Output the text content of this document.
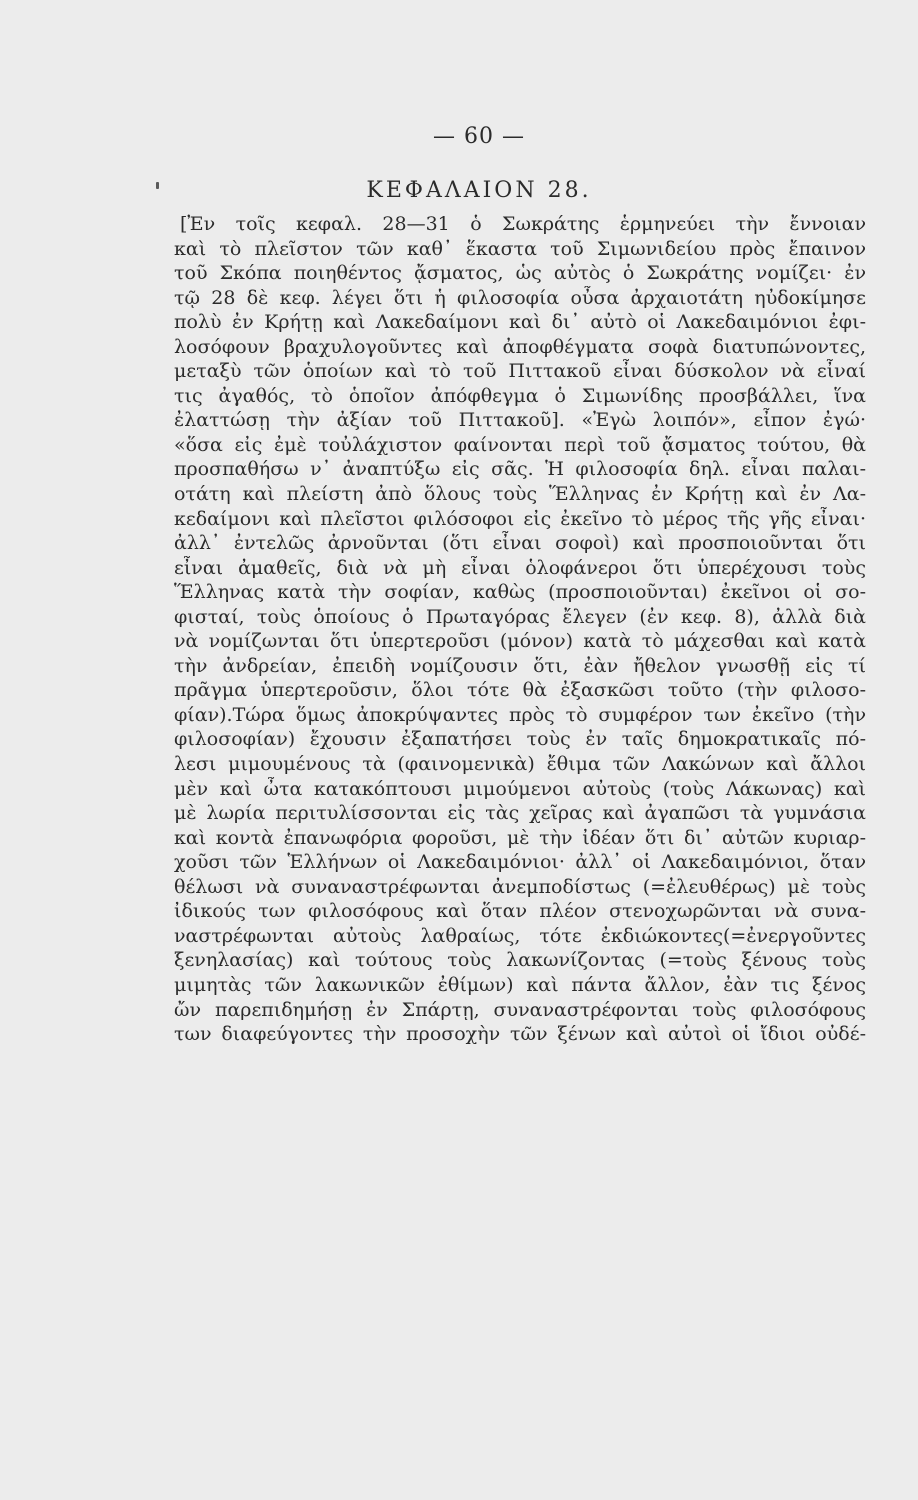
— 60 —
ΚΕΦΑΛΑΙΟΝ 28.
[Ἐν τοῖς κεφαλ. 28—31 ὁ Σωκράτης ἑρμηνεύει τὴν ἔννοιαν
καὶ τὸ πλεῖστον τῶν καθ᾽ ἕκαστα τοῦ Σιμωνιδείου πρὸς ἔπαινον
τοῦ Σκόπα ποιηθέντος ᾄσματος, ὡς αὐτὸς ὁ Σωκράτης νομίζει· ἐν
τῷ 28 δὲ κεφ. λέγει ὅτι ἡ φιλοσοφία οὖσα ἀρχαιοτάτη ηὐδοκίμησε
πολὺ ἐν Κρήτῃ καὶ Λακεδαίμονι καὶ δι᾽ αὐτὸ οἱ Λακεδαιμόνιοι ἐφι-
λοσόφουν βραχυλογοῦντες καὶ ἀποφθέγματα σοφὰ διατυπώνοντες,
μεταξὺ τῶν ὁποίων καὶ τὸ τοῦ Πιττακοῦ εἶναι δύσκολον νὰ εἶναί
τις ἀγαθός, τὸ ὁποῖον ἀπόφθεγμα ὁ Σιμωνίδης προσβάλλει, ἵνα
ἐλαττώσῃ τὴν ἀξίαν τοῦ Πιττακοῦ]. «Ἐγὼ λοιπόν», εἶπον ἐγώ·
«ὅσα εἰς ἐμὲ τοὐλάχιστον φαίνονται περὶ τοῦ ᾄσματος τούτου, θὰ
προσπαθήσω ν᾽ ἀναπτύξω εἰς σᾶς. Ἡ φιλοσοφία δηλ. εἶναι παλαι-
οτάτη καὶ πλείστη ἀπὸ ὅλους τοὺς Ἕλληνας ἐν Κρήτῃ καὶ ἐν Λα-
κεδαίμονι καὶ πλεῖστοι φιλόσοφοι εἰς ἐκεῖνο τὸ μέρος τῆς γῆς εἶναι·
ἀλλ᾽ ἐντελῶς ἀρνοῦνται (ὅτι εἶναι σοφοὶ) καὶ προσποιοῦνται ὅτι
εἶναι ἀμαθεῖς, διὰ νὰ μὴ εἶναι ὁλοφάνεροι ὅτι ὑπερέχουσι τοὺς
Ἕλληνας κατὰ τὴν σοφίαν, καθὼς (προσποιοῦνται) ἐκεῖνοι οἱ σο-
φισταί, τοὺς ὁποίους ὁ Πρωταγόρας ἔλεγεν (ἐν κεφ. 8), ἀλλὰ διὰ
νὰ νομίζωνται ὅτι ὑπερτεροῦσι (μόνον) κατὰ τὸ μάχεσθαι καὶ κατὰ
τὴν ἀνδρείαν, ἐπειδὴ νομίζουσιν ὅτι, ἐὰν ἤθελον γνωσθῇ εἰς τί
πρᾶγμα ὑπερτεροῦσιν, ὅλοι τότε θὰ ἐξασκῶσι τοῦτο (τὴν φιλοσο-
φίαν).Τώρα ὅμως ἀποκρύψαντες πρὸς τὸ συμφέρον των ἐκεῖνο (τὴν
φιλοσοφίαν) ἔχουσιν ἐξαπατήσει τοὺς ἐν ταῖς δημοκρατικαῖς πό-
λεσι μιμουμένους τὰ (φαινομενικὰ) ἔθιμα τῶν Λακώνων καὶ ἄλλοι
μὲν καὶ ὦτα κατακόπτουσι μιμούμενοι αὐτοὺς (τοὺς Λάκωνας) καὶ
μὲ λωρία περιτυλίσσονται εἰς τὰς χεῖρας καὶ ἀγαπῶσι τὰ γυμνάσια
καὶ κοντὰ ἐπανωφόρια φοροῦσι, μὲ τὴν ἰδέαν ὅτι δι᾽ αὐτῶν κυριαρ-
χοῦσι τῶν Ἑλλήνων οἱ Λακεδαιμόνιοι· ἀλλ᾽ οἱ Λακεδαιμόνιοι, ὅταν
θέλωσι νὰ συναναστρέφωνται ἀνεμποδίστως (=ἐλευθέρως) μὲ τοὺς
ἰδικούς των φιλοσόφους καὶ ὅταν πλέον στενοχωρῶνται νὰ συνα-
ναστρέφωνται αὐτοὺς λαθραίως, τότε ἐκδιώκοντες(=ἐνεργοῦντες
ξενηλασίας) καὶ τούτους τοὺς λακωνίζοντας (=τοὺς ξένους τοὺς
μιμητὰς τῶν λακωνικῶν ἐθίμων) καὶ πάντα ἄλλον, ἐὰν τις ξένος
ὤν παρεπιδημήσῃ ἐν Σπάρτῃ, συναναστρέφονται τοὺς φιλοσόφους
των διαφεύγοντες τὴν προσοχὴν τῶν ξένων καὶ αὐτοὶ οἱ ἴδιοι οὐδέ-
